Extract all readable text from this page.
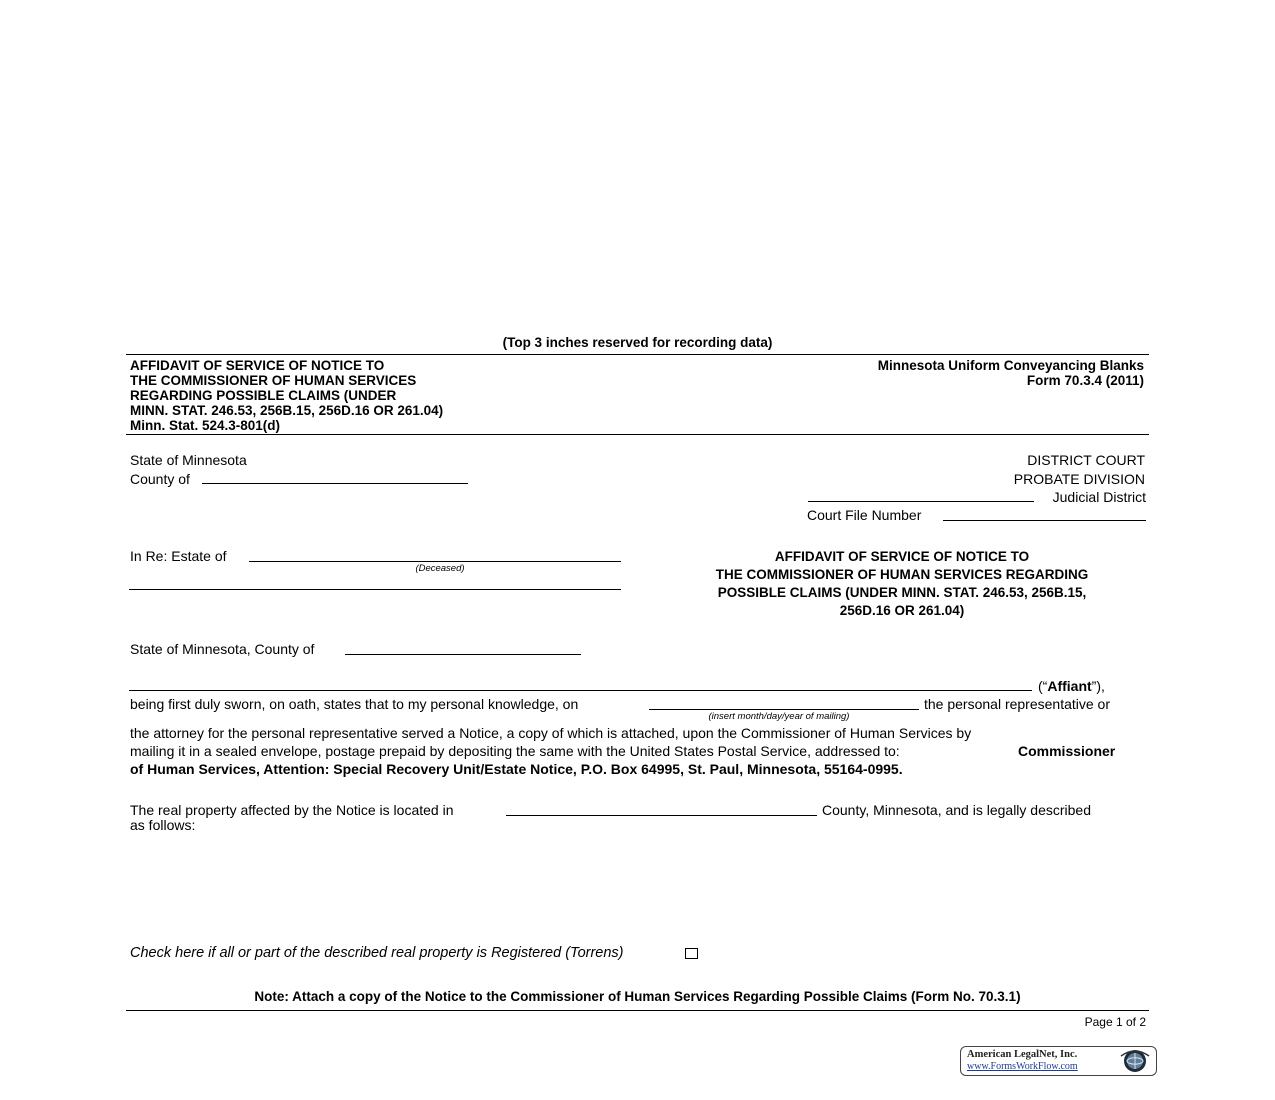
(Top 3 inches reserved for recording data)
AFFIDAVIT OF SERVICE OF NOTICE TO
THE COMMISSIONER OF HUMAN SERVICES
REGARDING POSSIBLE CLAIMS (UNDER
MINN. STAT. 246.53, 256B.15, 256D.16 OR 261.04)
Minn. Stat. 524.3-801(d)
Minnesota Uniform Conveyancing Blanks
Form 70.3.4 (2011)
State of Minnesota
County of
DISTRICT COURT
PROBATE DIVISION
Judicial District
Court File Number
In Re: Estate of
(Deceased)
AFFIDAVIT OF SERVICE OF NOTICE TO
THE COMMISSIONER OF HUMAN SERVICES REGARDING
POSSIBLE CLAIMS (UNDER MINN. STAT. 246.53, 256B.15,
256D.16 OR 261.04)
State of Minnesota, County of
(“Affiant”),
being first duly sworn, on oath, states that to my personal knowledge, on
(insert month/day/year of mailing)
the personal representative or
the attorney for the personal representative served a Notice, a copy of which is attached, upon the Commissioner of Human Services by
mailing it in a sealed envelope, postage prepaid by depositing the same with the United States Postal Service, addressed to:	Commissioner
of Human Services, Attention: Special Recovery Unit/Estate Notice, P.O. Box 64995, St. Paul, Minnesota, 55164-0995.
The real property affected by the Notice is located in	County, Minnesota, and is legally described
as follows:
Check here if all or part of the described real property is Registered (Torrens)
Note: Attach a copy of the Notice to the Commissioner of Human Services Regarding Possible Claims (Form No. 70.3.1)
Page 1 of 2
American LegalNet, Inc.
www.FormsWorkFlow.com
